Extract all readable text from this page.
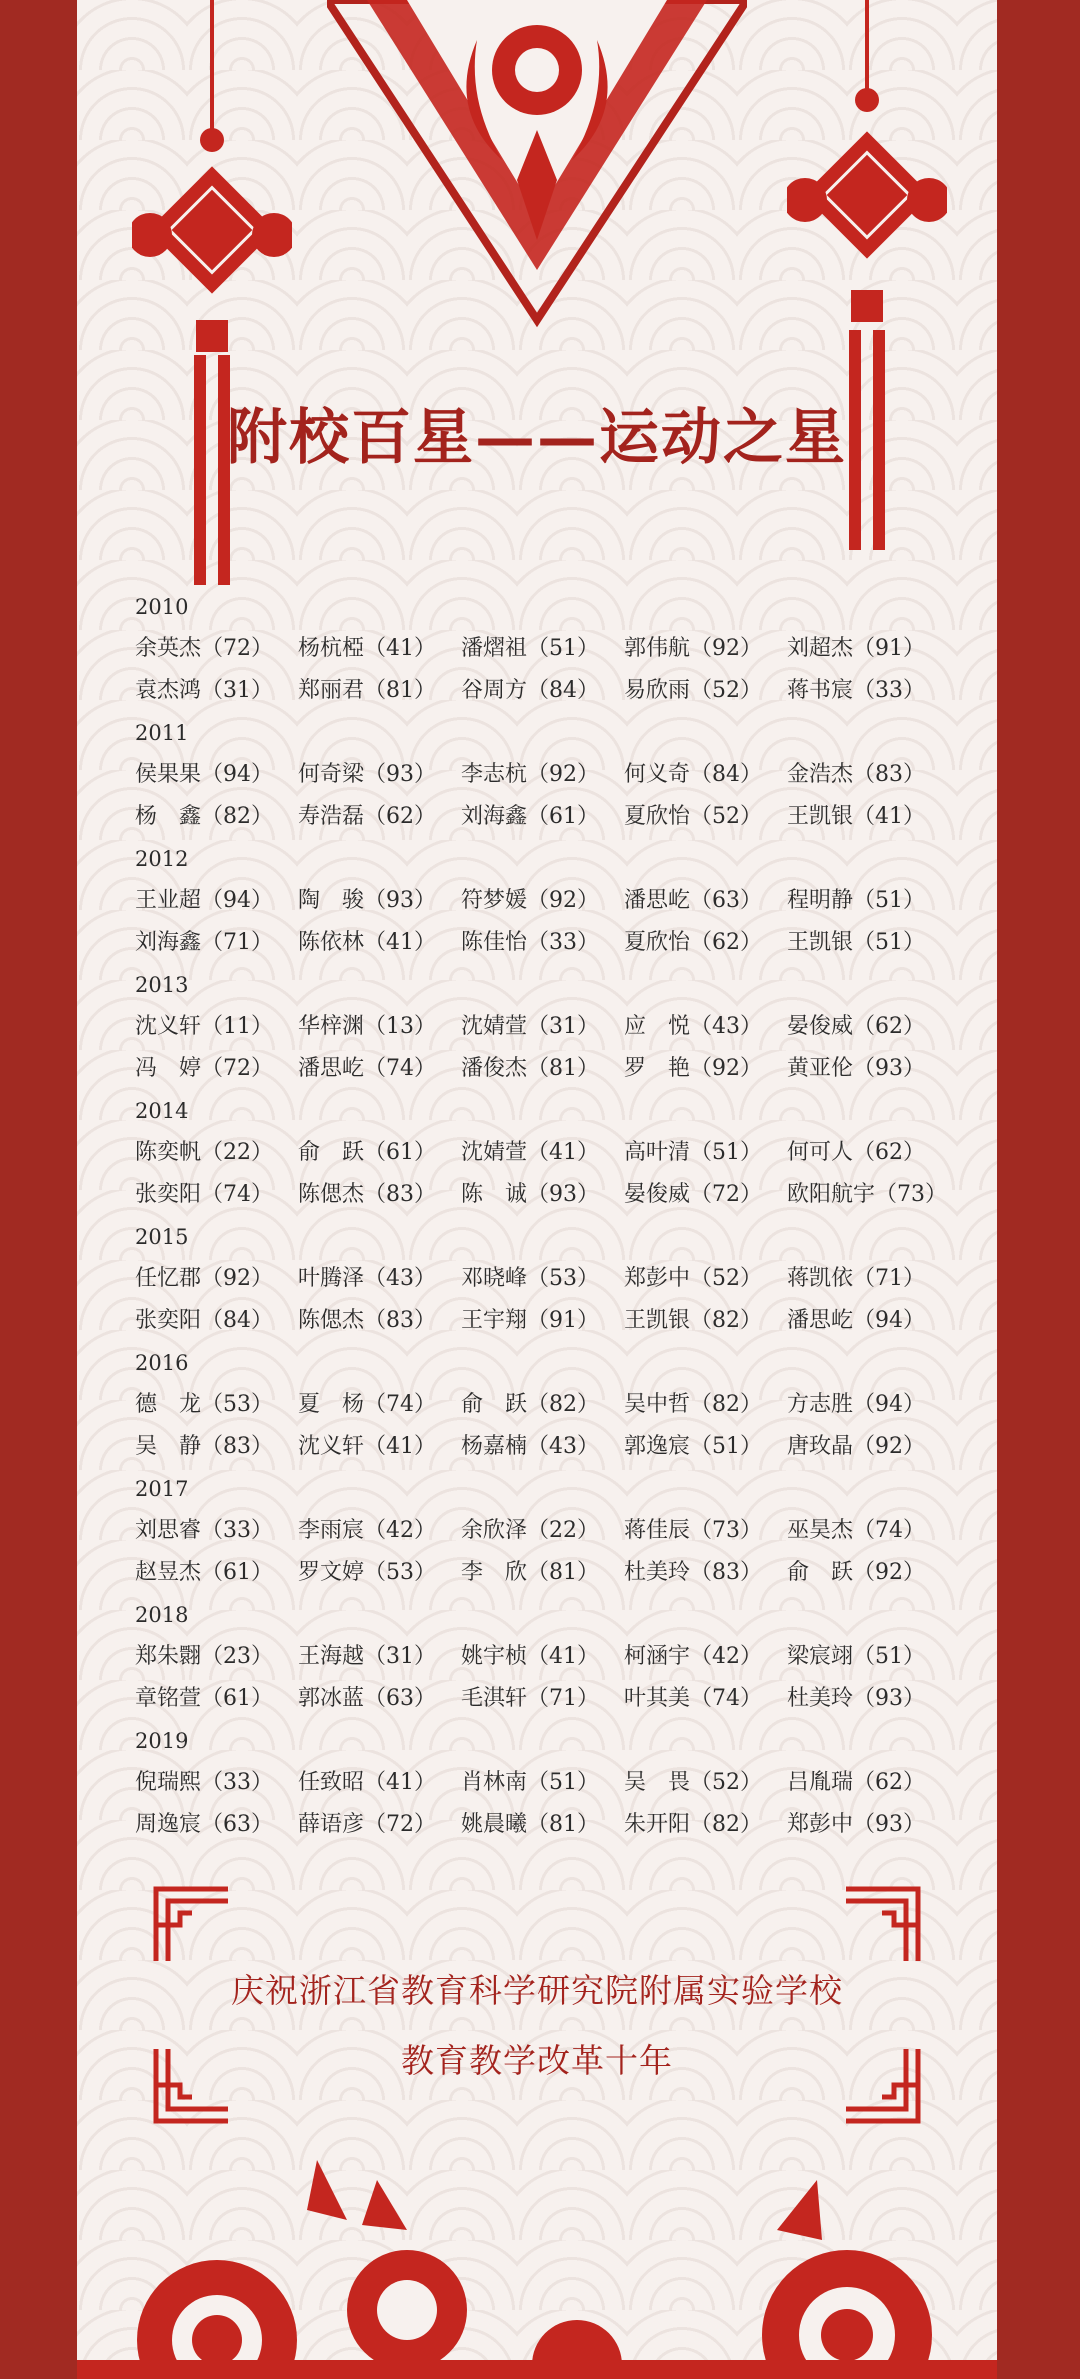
附校百星——运动之星
2010
余英杰（72）	杨杭椏（41）	潘熠祖（51）	郭伟航（92）	刘超杰（91）
袁杰鸿（31）	郑丽君（81）	谷周方（84）	易欣雨（52）	蒋书宸（33）
2011
侯果果（94）	何奇梁（93）	李志杭（92）	何义奇（84）	金浩杰（83）
杨　鑫（82）	寿浩磊（62）	刘海鑫（61）	夏欣怡（52）	王凯银（41）
2012
王业超（94）	陶　骏（93）	符梦媛（92）	潘思屹（63）	程明静（51）
刘海鑫（71）	陈依林（41）	陈佳怡（33）	夏欣怡（62）	王凯银（51）
2013
沈义轩（11）	华梓渊（13）	沈婧萱（31）	应　悦（43）	晏俊威（62）
冯　婷（72）	潘思屹（74）	潘俊杰（81）	罗　艳（92）	黄亚伦（93）
2014
陈奕帆（22）	俞　跃（61）	沈婧萱（41）	高叶清（51）	何可人（62）
张奕阳（74）	陈偲杰（83）	陈　诚（93）	晏俊威（72）	欧阳航宇（73）
2015
任忆郡（92）	叶腾泽（43）	邓晓峰（53）	郑彭中（52）	蒋凯依（71）
张奕阳（84）	陈偲杰（83）	王宇翔（91）	王凯银（82）	潘思屹（94）
2016
德　龙（53）	夏　杨（74）	俞　跃（82）	吴中哲（82）	方志胜（94）
吴　静（83）	沈义轩（41）	杨嘉楠（43）	郭逸宸（51）	唐玫晶（92）
2017
刘思睿（33）	李雨宸（42）	余欣泽（22）	蒋佳辰（73）	巫昊杰（74）
赵昱杰（61）	罗文婷（53）	李　欣（81）	杜美玲（83）	俞　跃（92）
2018
郑朱翾（23）	王海越（31）	姚宇桢（41）	柯涵宇（42）	梁宸翊（51）
章铭萱（61）	郭冰蓝（63）	毛淇轩（71）	叶其美（74）	杜美玲（93）
2019
倪瑞熙（33）	任致昭（41）	肖林南（51）	吴　畏（52）	吕胤瑞（62）
周逸宸（63）	薛语彦（72）	姚晨曦（81）	朱开阳（82）	郑彭中（93）
庆祝浙江省教育科学研究院附属实验学校
教育教学改革十年
